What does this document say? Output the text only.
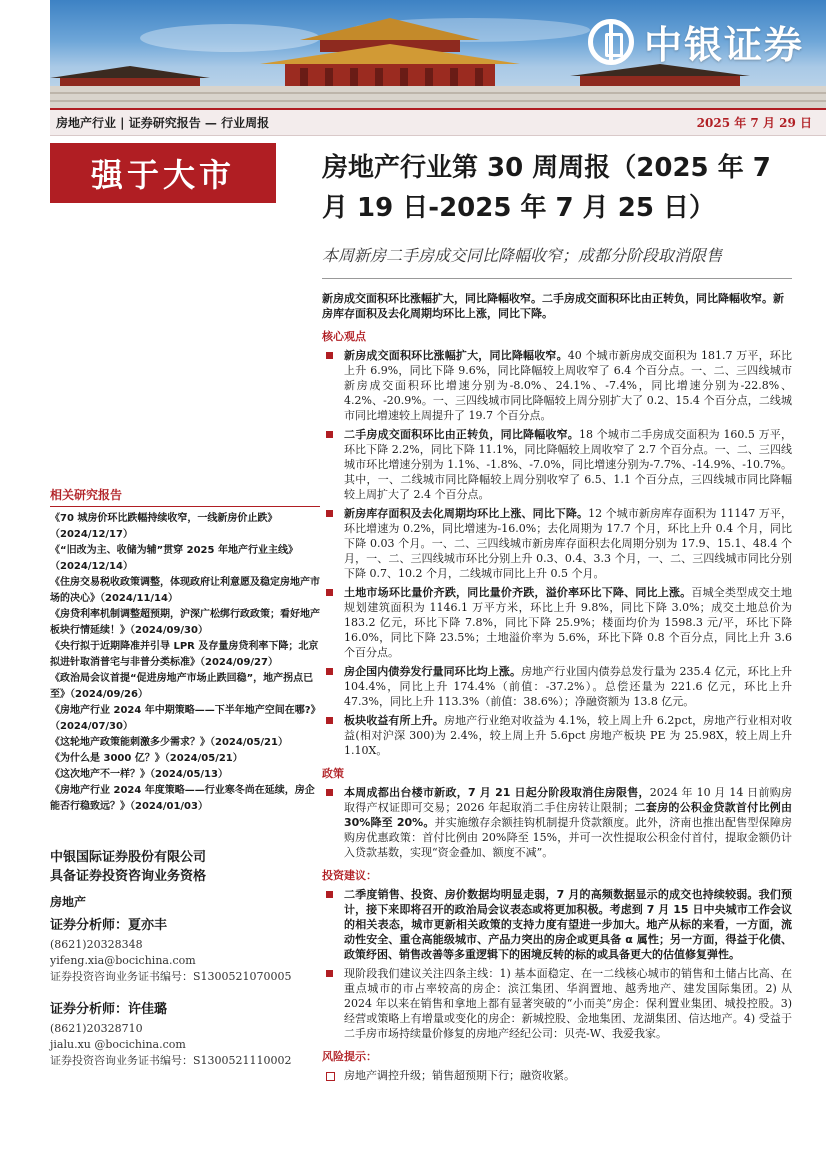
中银证券
房地产行业 | 证券研究报告 — 行业周报	2025 年 7 月 29 日
强于大市	房地产行业第 30 周周报（2025 年 7 月 19 日-2025 年 7 月 25 日）
本周新房二手房成交同比降幅收窄；成都分阶段取消限售
新房成交面积环比涨幅扩大，同比降幅收窄。二手房成交面积环比由正转负，同比降幅收窄。新房库存面积及去化周期均环比上涨，同比下降。
核心观点
新房成交面积环比涨幅扩大，同比降幅收窄。40 个城市新房成交面积为 181.7 万平，环比上升 6.9%，同比下降 9.6%，同比降幅较上周收窄了 6.4 个百分点。一、二、三四线城市新房成交面积环比增速分别为-8.0%、24.1%、-7.4%，同比增速分别为-22.8%、4.2%、-20.9%。一、三四线城市同比降幅较上周分别扩大了 0.2、15.4 个百分点，二线城市同比增速较上周提升了 19.7 个百分点。
二手房成交面积环比由正转负，同比降幅收窄。18 个城市二手房成交面积为 160.5 万平，环比下降 2.2%，同比下降 11.1%，同比降幅较上周收窄了 2.7 个百分点。一、二、三四线城市环比增速分别为 1.1%、-1.8%、-7.0%，同比增速分别为-7.7%、-14.9%、-10.7%。其中，一、二线城市同比降幅较上周分别收窄了 6.5、1.1 个百分点，三四线城市同比降幅较上周扩大了 2.4 个百分点。
新房库存面积及去化周期均环比上涨、同比下降。12 个城市新房库存面积为 11147 万平，环比增速为 0.2%，同比增速为-16.0%；去化周期为 17.7 个月，环比上升 0.4 个月，同比下降 0.03 个月。一、二、三四线城市新房库存面积去化周期分别为 17.9、15.1、48.4 个月，一、二、三四线城市环比分别上升 0.3、0.4、3.3 个月，一、二、三四线城市同比分别下降 0.7、10.2 个月，二线城市同比上升 0.5 个月。
土地市场环比量价齐跌，同比量价齐跌，溢价率环比下降、同比上涨。百城全类型成交土地规划建筑面积为 1146.1 万平方米，环比上升 9.8%，同比下降 3.0%；成交土地总价为 183.2 亿元，环比下降 7.8%，同比下降 25.9%；楼面均价为 1598.3 元/平，环比下降 16.0%，同比下降 23.5%；土地溢价率为 5.6%，环比下降 0.8 个百分点，同比上升 3.6 个百分点。
房企国内债券发行量同环比均上涨。房地产行业国内债券总发行量为 235.4 亿元，环比上升 104.4%，同比上升 174.4%（前值：-37.2%）。总偿还量为 221.6 亿元，环比上升 47.3%，同比上升 113.3%（前值：38.6%）；净融资额为 13.8 亿元。
板块收益有所上升。房地产行业绝对收益为 4.1%，较上周上升 6.2pct，房地产行业相对收益(相对沪深 300)为 2.4%，较上周上升 5.6pct 房地产板块 PE 为 25.98X，较上周上升 1.10X。
政策
本周成都出台楼市新政，7 月 21 日起分阶段取消住房限售，2024 年 10 月 14 日前购房取得产权证即可交易；2026 年起取消二手住房转让限制；二套房的公积金贷款首付比例由 30%降至 20%。并实施缴存余额挂钩机制提升贷款额度。此外，济南也推出配售型保障房购房优惠政策：首付比例由 20%降至 15%，并可一次性提取公积金付首付，提取金额仍计入贷款基数，实现“资金叠加、额度不减”。
投资建议：
二季度销售、投资、房价数据均明显走弱，7 月的高频数据显示的成交也持续较弱。我们预计，接下来即将召开的政治局会议表态或将更加积极。考虑到 7 月 15 日中央城市工作会议的相关表态，城市更新相关政策的支持力度有望进一步加大。地产从标的来看，一方面，流动性安全、重仓高能级城市、产品力突出的房企或更具备 α 属性；另一方面，得益于化债、政策纾困、销售改善等多重逻辑下的困境反转的标的或具备更大的估值修复弹性。
现阶段我们建议关注四条主线：1) 基本面稳定、在一二线核心城市的销售和土储占比高、在重点城市的市占率较高的房企：滨江集团、华润置地、越秀地产、建发国际集团。2) 从 2024 年以来在销售和拿地上都有显著突破的“小而美”房企：保利置业集团、城投控股。3) 经营或策略上有增量或变化的房企：新城控股、金地集团、龙湖集团、信达地产。4) 受益于二手房市场持续量价修复的房地产经纪公司：贝壳-W、我爱我家。
风险提示：
房地产调控升级；销售超预期下行；融资收紧。
相关研究报告
《70 城房价环比跌幅持续收窄，一线新房价止跌》（2024/12/17）
《“旧改为主、收储为辅”贯穿 2025 年地产行业主线》（2024/12/14）
《住房交易税收政策调整，体现政府让利意愿及稳定房地产市场的决心》（2024/11/14）
《房贷利率机制调整超预期，沪深广松绑行政政策；看好地产板块行情延续！》（2024/09/30）
《央行拟于近期降准并引导 LPR 及存量房贷利率下降；北京拟进针取消普宅与非普分类标准》（2024/09/27）
《政治局会议首提“促进房地产市场止跌回稳”，地产拐点已至》（2024/09/26）
《房地产行业 2024 年中期策略——下半年地产空间在哪?》（2024/07/30）
《这轮地产政策能刺激多少需求？》（2024/05/21）
《为什么是 3000 亿？》（2024/05/21）
《这次地产不一样？》（2024/05/13）
《房地产行业 2024 年度策略——行业寒冬尚在延续，房企能否行稳致远？》（2024/01/03）
中银国际证券股份有限公司
具备证券投资咨询业务资格
房地产
证券分析师：夏亦丰
(8621)20328348
yifeng.xia@bocichina.com
证券投资咨询业务证书编号：S1300521070005
证券分析师：许佳璐
(8621)20328710
jialu.xu @bocichina.com
证券投资咨询业务证书编号：S1300521110002
